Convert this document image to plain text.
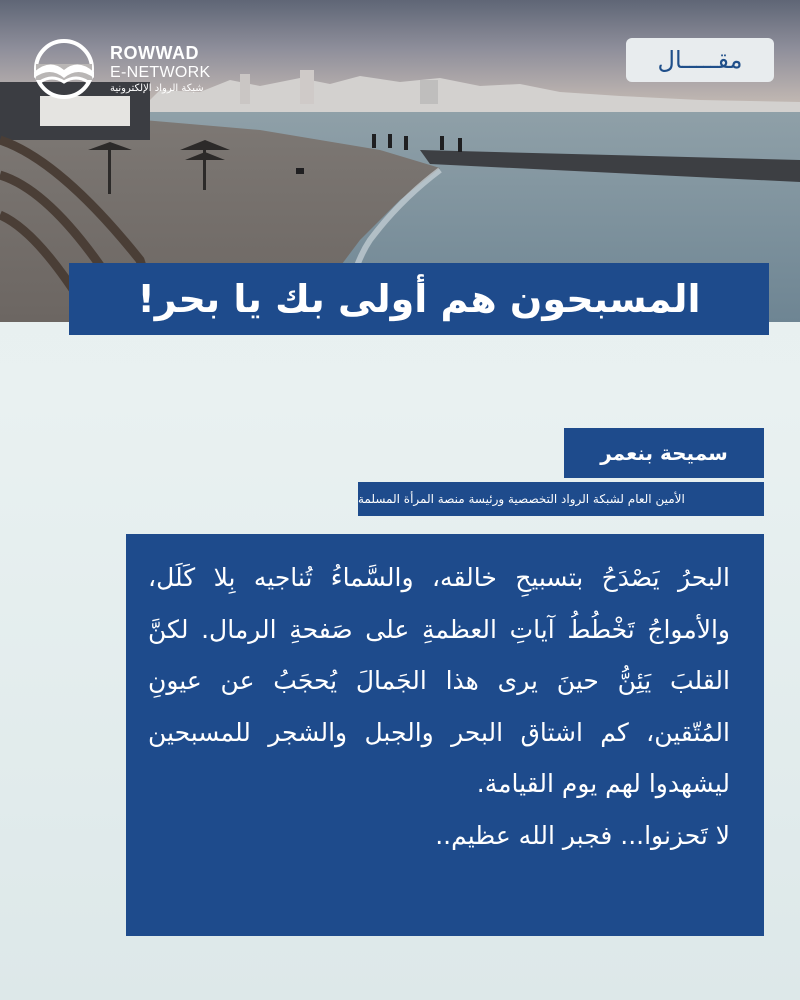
ROWWAD
E-NETWORK
شبكة الرواد الإلكترونية
مقـــــال
المسبحون هم أولى بك يا بحر!
سميحة بنعمر
الأمين العام لشبكة الرواد التخصصية ورئيسة منصة المرأة المسلمة

البحرُ يَصْدَحُ بتسبيحِ خالقه، والسَّماءُ تُناجيه بِلا كَلَل، والأمواجُ تَخْطُطُ آياتِ العظمةِ على صَفحةِ الرمال. لكنَّ القلبَ يَئِنُّ حينَ يرى هذا الجَمالَ يُحجَبُ عن عيونِ المُتّقين، كم اشتاق البحر والجبل والشجر للمسبحين ليشهدوا لهم يوم القيامة.

لا تَحزنوا... فجبر الله عظيم..
